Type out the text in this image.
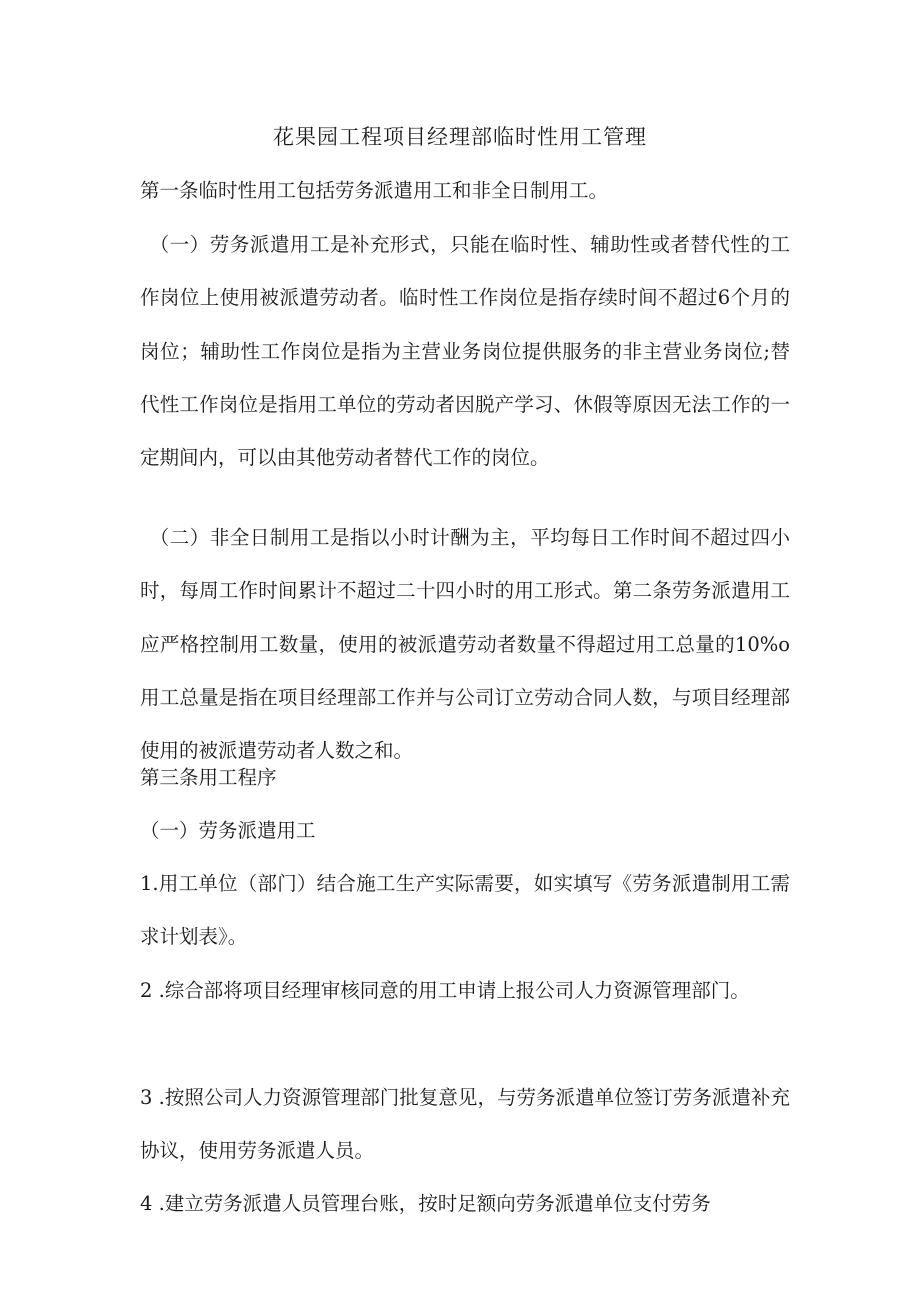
花果园工程项目经理部临时性用工管理

第一条临时性用工包括劳务派遣用工和非全日制用工。

（一）劳务派遣用工是补充形式，只能在临时性、辅助性或者替代性的工作岗位上使用被派遣劳动者。临时性工作岗位是指存续时间不超过6个月的岗位；辅助性工作岗位是指为主营业务岗位提供服务的非主营业务岗位;替代性工作岗位是指用工单位的劳动者因脱产学习、休假等原因无法工作的一定期间内，可以由其他劳动者替代工作的岗位。

（二）非全日制用工是指以小时计酬为主，平均每日工作时间不超过四小时，每周工作时间累计不超过二十四小时的用工形式。第二条劳务派遣用工应严格控制用工数量，使用的被派遣劳动者数量不得超过用工总量的10%o用工总量是指在项目经理部工作并与公司订立劳动合同人数，与项目经理部使用的被派遣劳动者人数之和。

第三条用工程序

（一）劳务派遣用工

1.用工单位（部门）结合施工生产实际需要，如实填写《劳务派遣制用工需求计划表》。

2 .综合部将项目经理审核同意的用工申请上报公司人力资源管理部门。

3 .按照公司人力资源管理部门批复意见，与劳务派遣单位签订劳务派遣补充协议，使用劳务派遣人员。

4 .建立劳务派遣人员管理台账，按时足额向劳务派遣单位支付劳务
